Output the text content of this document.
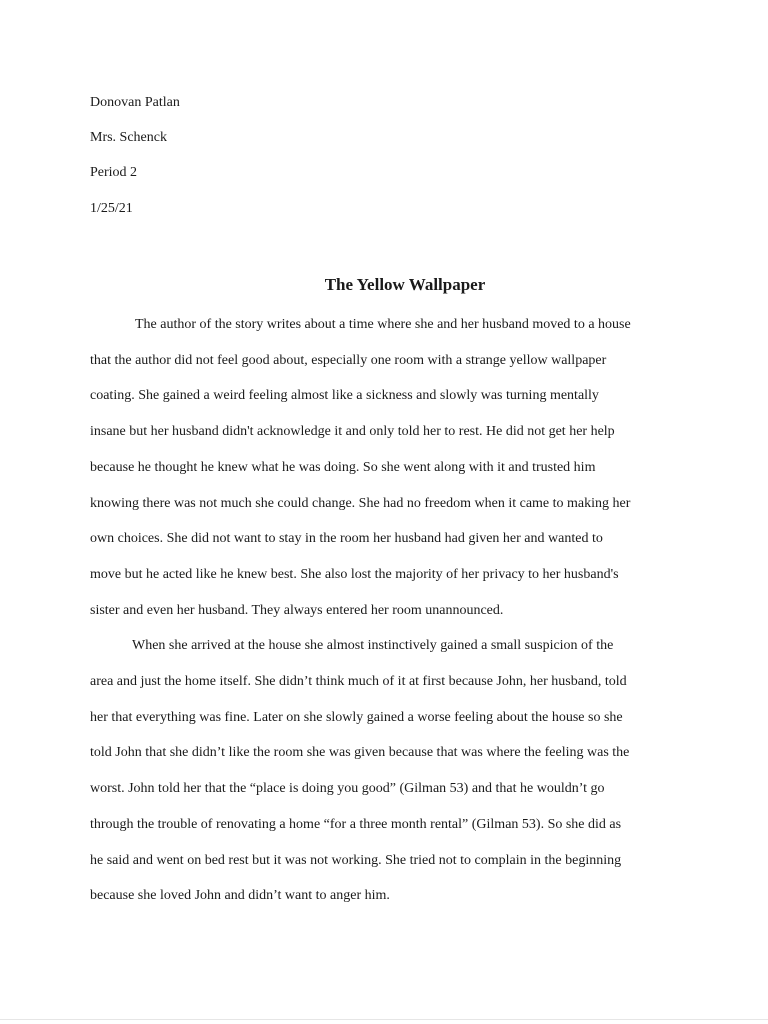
Donovan Patlan
Mrs. Schenck
Period 2
1/25/21
The Yellow Wallpaper
The author of the story writes about a time where she and her husband moved to a house
that the author did not feel good about, especially one room with a strange yellow wallpaper
coating. She gained a weird feeling almost like a sickness and slowly was turning mentally
insane but her husband didn't acknowledge it and only told her to rest. He did not get her help
because he thought he knew what he was doing. So she went along with it and trusted him
knowing there was not much she could change. She had no freedom when it came to making her
own choices. She did not want to stay in the room her husband had given her and wanted to
move but he acted like he knew best. She also lost the majority of her privacy to her husband's
sister and even her husband. They always entered her room unannounced.
When she arrived at the house she almost instinctively gained a small suspicion of the
area and just the home itself. She didn’t think much of it at first because John, her husband, told
her that everything was fine. Later on she slowly gained a worse feeling about the house so she
told John that she didn’t like the room she was given because that was where the feeling was the
worst. John told her that the “place is doing you good” (Gilman 53) and that he wouldn’t go
through the trouble of renovating a home “for a three month rental” (Gilman 53). So she did as
he said and went on bed rest but it was not working. She tried not to complain in the beginning
because she loved John and didn’t want to anger him.
